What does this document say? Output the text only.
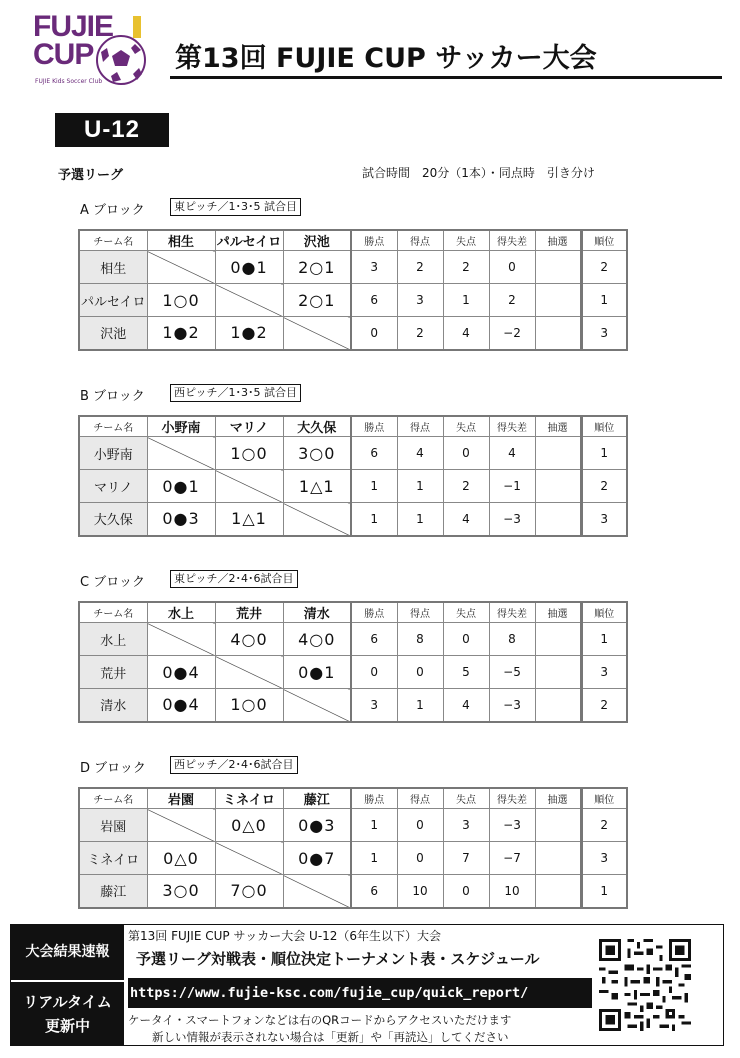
FUJIE
CUP
FUJIE Kids Soccer Club
第13回 FUJIE CUP サッカー大会
U-12
予選リーグ	試合時間　20分（1本）・同点時　引き分け
A ブロック	東ピッチ／1･3･5 試合目
チーム名	相生	パルセイロ	沢池	勝点	得点	失点	得失差	抽選	順位
相生		0●1	2○1	3	2	2	0		2
パルセイロ	1○0		2○1	6	3	1	2		1
沢池	1●2	1●2		0	2	4	−2		3
B ブロック	西ピッチ／1･3･5 試合目
チーム名	小野南	マリノ	大久保	勝点	得点	失点	得失差	抽選	順位
小野南		1○0	3○0	6	4	0	4		1
マリノ	0●1		1△1	1	1	2	−1		2
大久保	0●3	1△1		1	1	4	−3		3
C ブロック	東ピッチ／2･4･6試合目
チーム名	水上	荒井	清水	勝点	得点	失点	得失差	抽選	順位
水上		4○0	4○0	6	8	0	8		1
荒井	0●4		0●1	0	0	5	−5		3
清水	0●4	1○0		3	1	4	−3		2
D ブロック	西ピッチ／2･4･6試合目
チーム名	岩園	ミネイロ	藤江	勝点	得点	失点	得失差	抽選	順位
岩園		0△0	0●3	1	0	3	−3		2
ミネイロ	0△0		0●7	1	0	7	−7		3
藤江	3○0	7○0		6	10	0	10		1
大会結果速報
リアルタイム
更新中
第13回 FUJIE CUP サッカー大会 U-12（6年生以下）大会
予選リーグ対戦表・順位決定トーナメント表・スケジュール
https://www.fujie-ksc.com/fujie_cup/quick_report/
ケータイ・スマートフォンなどは右のQRコードからアクセスいただけます
新しい情報が表示されない場合は「更新」や「再読込」してください
